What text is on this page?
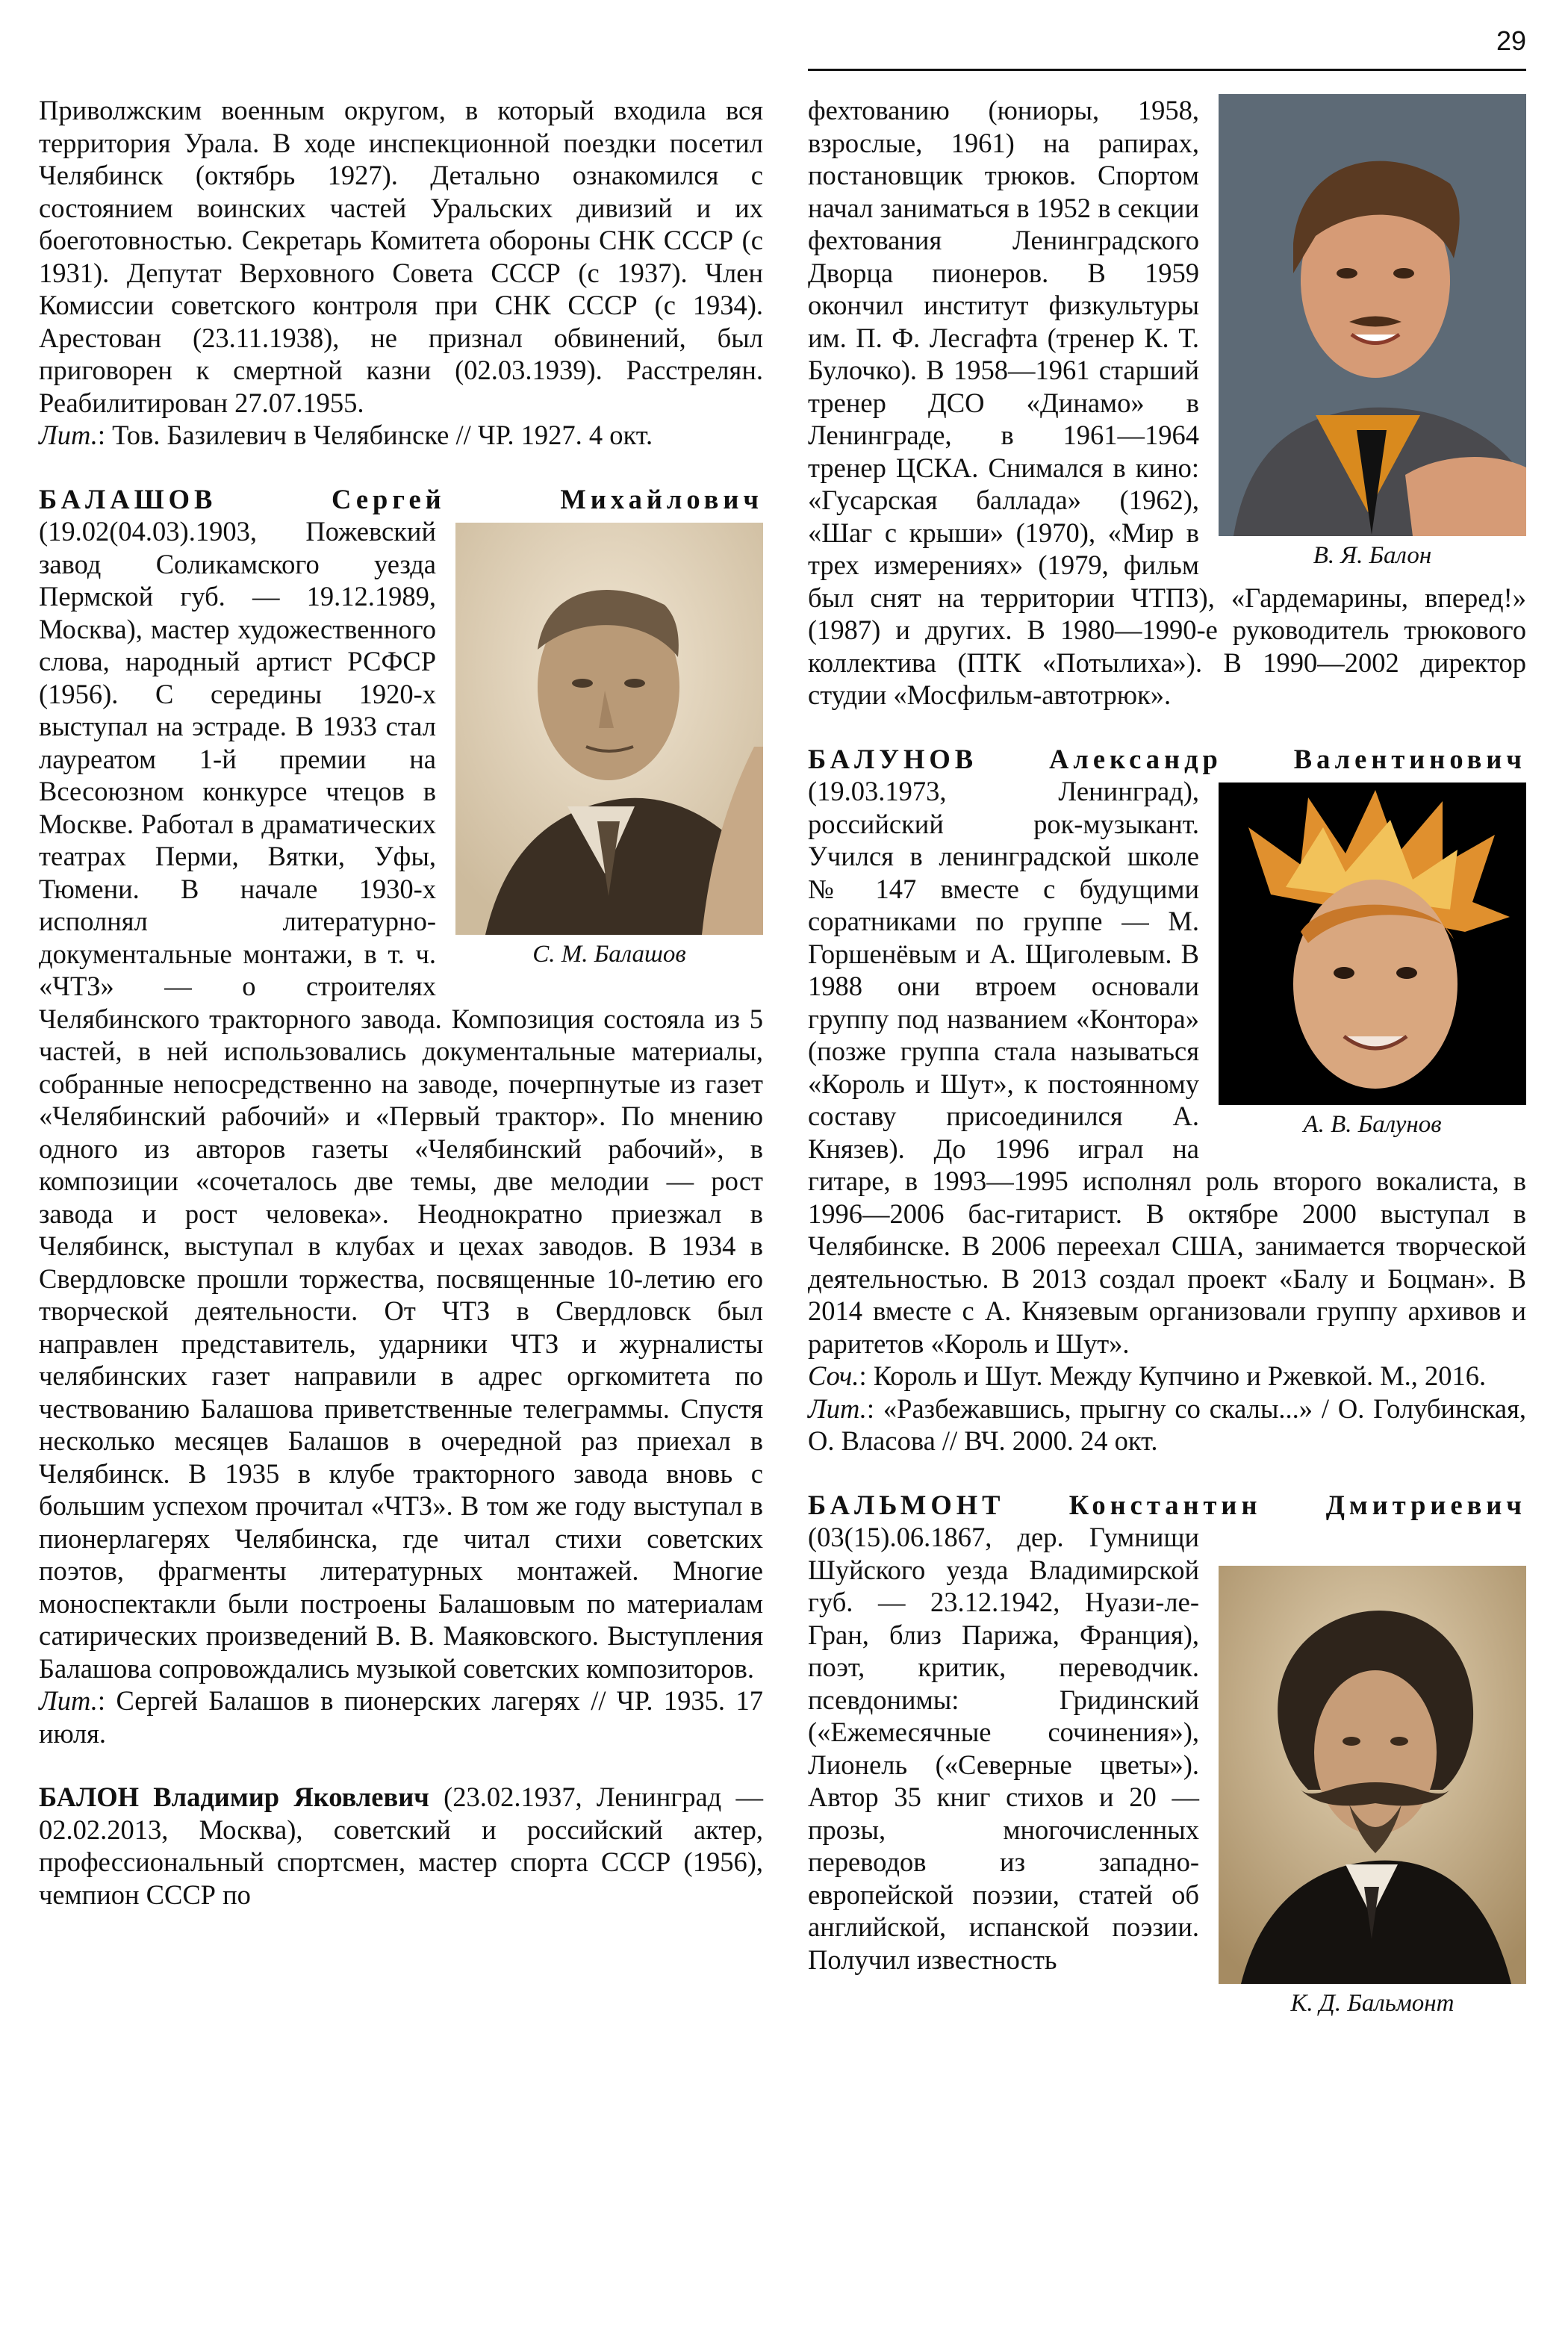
29

Приволжским военным округом, в который входила вся территория Урала. В ходе инспекционной поездки посетил Челябинск (октябрь 1927). Детально ознакомился с состоянием воинских частей Уральских дивизий и их боеготовностью. Секретарь Комитета обороны СНК СССР (с 1931). Депутат Верховного Совета СССР (с 1937). Член Комиссии советского контроля при СНК СССР (с 1934). Арестован (23.11.1938), не признал обвинений, был приговорен к смертной казни (02.03.1939). Расстрелян. Реабилитирован 27.07.1955.

Лит.: Тов. Базилевич в Челябинске // ЧР. 1927. 4 окт.

БАЛАШОВ Сергей Михайлович
С. М. Балашов
(19.02(04.03).1903, Пожевский завод Соликамского уезда Пермской губ. — 19.12.1989, Москва), мастер художественного слова, народный артист РСФСР (1956). С середины 1920-х выступал на эстраде. В 1933 стал лауреатом 1-й премии на Всесоюзном конкурсе чтецов в Москве. Работал в драматических театрах Перми, Вятки, Уфы, Тюмени. В начале 1930-х исполнял литературно-документальные монтажи, в т. ч. «ЧТЗ» — о строителях Челябинского тракторного завода. Композиция состояла из 5 частей, в ней использовались документальные материалы, собранные непосредственно на заводе, почерпнутые из газет «Челябинский рабочий» и «Первый трактор». По мнению одного из авторов газеты «Челябинский рабочий», в композиции «сочеталось две темы, две мелодии — рост завода и рост человека». Неоднократно приезжал в Челябинск, выступал в клубах и цехах заводов. В 1934 в Свердловске прошли торжества, посвященные 10-летию его творческой деятельности. От ЧТЗ в Свердловск был направлен представитель, ударники ЧТЗ и журналисты челябинских газет направили в адрес оргкомитета по чествованию Балашова приветственные телеграммы. Спустя несколько месяцев Балашов в очередной раз приехал в Челябинск. В 1935 в клубе тракторного завода вновь с большим успехом прочитал «ЧТЗ». В том же году выступал в пионерлагерях Челябинска, где читал стихи советских поэтов, фрагменты литературных монтажей. Многие моноспектакли были построены Балашовым по материалам сатирических произведений В. В. Маяковского. Выступления Балашова сопровождались музыкой советских композиторов.

Лит.: Сергей Балашов в пионерских лагерях // ЧР. 1935. 17 июля.

БАЛОН Владимир Яковлевич (23.02.1937, Ленинград — 02.02.2013, Москва), советский и российский актер, профессиональный спортсмен, мастер спорта СССР (1956), чемпион СССР по

В. Я. Балон
фехтованию (юниоры, 1958, взрослые, 1961) на рапирах, постановщик трюков. Спортом начал заниматься в 1952 в секции фехтования Ленинградского Дворца пионеров. В 1959 окончил институт физкультуры им. П. Ф. Лесгафта (тренер К. Т. Булочко). В 1958—1961 старший тренер ДСО «Динамо» в Ленинграде, в 1961—1964 тренер ЦСКА. Снимался в кино: «Гусарская баллада» (1962), «Шаг с крыши» (1970), «Мир в трех измерениях» (1979, фильм был снят на территории ЧТПЗ), «Гардемарины, вперед!» (1987) и других. В 1980—1990-е руководитель трюкового коллектива (ПТК «Потылиха»). В 1990—2002 директор студии «Мосфильм-автотрюк».

БАЛУНОВ Александр Валентинович
А. В. Балунов
(19.03.1973, Ленинград), российский рок-музыкант. Учился в ленинградской школе № 147 вместе с будущими соратниками по группе — М. Горшенёвым и А. Щиголевым. В 1988 они втроем основали группу под названием «Контора» (позже группа стала называться «Король и Шут», к постоянному составу присоединился А. Князев). До 1996 играл на гитаре, в 1993—1995 исполнял роль второго вокалиста, в 1996—2006 бас-гитарист. В октябре 2000 выступал в Челябинске. В 2006 переехал США, занимается творческой деятельностью. В 2013 создал проект «Балу и Боцман». В 2014 вместе с А. Князевым организовали группу архивов и раритетов «Король и Шут».

Соч.: Король и Шут. Между Купчино и Ржевкой. М., 2016.

Лит.: «Разбежавшись, прыгну со скалы...» / О. Голубинская, О. Власова // ВЧ. 2000. 24 окт.

БАЛЬМОНТ Константин Дмитриевич
К. Д. Бальмонт
(03(15).06.1867, дер. Гумнищи Шуйского уезда Владимирской губ. — 23.12.1942, Нуази-ле-Гран, близ Парижа, Франция), поэт, критик, переводчик. псевдонимы: Гридинский («Ежемесячные сочинения»), Лионель («Северные цветы»). Автор 35 книг стихов и 20 — прозы, многочисленных переводов из западно-европейской поэзии, статей об английской, испанской поэзии. Получил известность
